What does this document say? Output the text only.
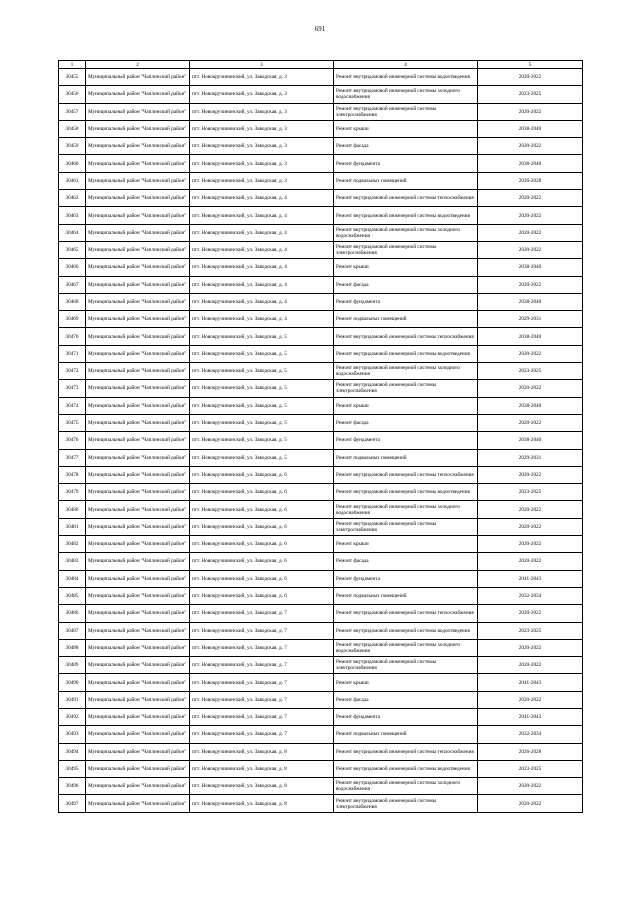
691
1	2	3	4	5
30455	Муниципальный район "Чаплинский район"	пгт. Новокручининский, ул. Заводская, д. 3	Ремонт внутридомовой инженерной системы водоотведения	2020-2022
30456	Муниципальный район "Чаплинский район"	пгт. Новокручининский, ул. Заводская, д. 3	Ремонт внутридомовой инженерной системы холодного водоснабжения	2023-2025
30457	Муниципальный район "Чаплинский район"	пгт. Новокручининский, ул. Заводская, д. 3	Ремонт внутридомовой инженерной системы электроснабжения	2020-2022
30458	Муниципальный район "Чаплинский район"	пгт. Новокручининский, ул. Заводская, д. 3	Ремонт крыши	2038-2040
30459	Муниципальный район "Чаплинский район"	пгт. Новокручининский, ул. Заводская, д. 3	Ремонт фасада	2020-2022
30460	Муниципальный район "Чаплинский район"	пгт. Новокручининский, ул. Заводская, д. 3	Ремонт фундамента	2038-2040
30461	Муниципальный район "Чаплинский район"	пгт. Новокручининский, ул. Заводская, д. 3	Ремонт подвальных помещений	2026-2028
30462	Муниципальный район "Чаплинский район"	пгт. Новокручининский, ул. Заводская, д. 4	Ремонт внутридомовой инженерной системы теплоснабжения	2020-2022
30463	Муниципальный район "Чаплинский район"	пгт. Новокручининский, ул. Заводская, д. 4	Ремонт внутридомовой инженерной системы водоотведения	2020-2022
30464	Муниципальный район "Чаплинский район"	пгт. Новокручининский, ул. Заводская, д. 4	Ремонт внутридомовой инженерной системы холодного водоснабжения	2020-2022
30465	Муниципальный район "Чаплинский район"	пгт. Новокручининский, ул. Заводская, д. 4	Ремонт внутридомовой инженерной системы электроснабжения	2020-2022
30466	Муниципальный район "Чаплинский район"	пгт. Новокручининский, ул. Заводская, д. 4	Ремонт крыши	2038-2040
30467	Муниципальный район "Чаплинский район"	пгт. Новокручининский, ул. Заводская, д. 4	Ремонт фасада	2020-2022
30468	Муниципальный район "Чаплинский район"	пгт. Новокручининский, ул. Заводская, д. 4	Ремонт фундамента	2038-2040
30469	Муниципальный район "Чаплинский район"	пгт. Новокручининский, ул. Заводская, д. 4	Ремонт подвальных помещений	2029-2031
30470	Муниципальный район "Чаплинский район"	пгт. Новокручининский, ул. Заводская, д. 5	Ремонт внутридомовой инженерной системы теплоснабжения	2038-2040
30471	Муниципальный район "Чаплинский район"	пгт. Новокручининский, ул. Заводская, д. 5	Ремонт внутридомовой инженерной системы водоотведения	2020-2022
30472	Муниципальный район "Чаплинский район"	пгт. Новокручининский, ул. Заводская, д. 5	Ремонт внутридомовой инженерной системы холодного водоснабжения	2023-2025
30473	Муниципальный район "Чаплинский район"	пгт. Новокручининский, ул. Заводская, д. 5	Ремонт внутридомовой инженерной системы электроснабжения	2020-2022
30474	Муниципальный район "Чаплинский район"	пгт. Новокручининский, ул. Заводская, д. 5	Ремонт крыши	2038-2040
30475	Муниципальный район "Чаплинский район"	пгт. Новокручининский, ул. Заводская, д. 5	Ремонт фасада	2020-2022
30476	Муниципальный район "Чаплинский район"	пгт. Новокручининский, ул. Заводская, д. 5	Ремонт фундамента	2038-2040
30477	Муниципальный район "Чаплинский район"	пгт. Новокручининский, ул. Заводская, д. 5	Ремонт подвальных помещений	2029-2031
30478	Муниципальный район "Чаплинский район"	пгт. Новокручининский, ул. Заводская, д. 6	Ремонт внутридомовой инженерной системы теплоснабжения	2020-2022
30479	Муниципальный район "Чаплинский район"	пгт. Новокручининский, ул. Заводская, д. 6	Ремонт внутридомовой инженерной системы водоотведения	2023-2025
30480	Муниципальный район "Чаплинский район"	пгт. Новокручининский, ул. Заводская, д. 6	Ремонт внутридомовой инженерной системы холодного водоснабжения	2020-2022
30481	Муниципальный район "Чаплинский район"	пгт. Новокручининский, ул. Заводская, д. 6	Ремонт внутридомовой инженерной системы электроснабжения	2020-2022
30482	Муниципальный район "Чаплинский район"	пгт. Новокручининский, ул. Заводская, д. 6	Ремонт крыши	2020-2022
30483	Муниципальный район "Чаплинский район"	пгт. Новокручининский, ул. Заводская, д. 6	Ремонт фасада	2020-2022
30484	Муниципальный район "Чаплинский район"	пгт. Новокручининский, ул. Заводская, д. 6	Ремонт фундамента	2041-2043
30485	Муниципальный район "Чаплинский район"	пгт. Новокручининский, ул. Заводская, д. 6	Ремонт подвальных помещений	2032-2034
30486	Муниципальный район "Чаплинский район"	пгт. Новокручининский, ул. Заводская, д. 7	Ремонт внутридомовой инженерной системы теплоснабжения	2020-2022
30487	Муниципальный район "Чаплинский район"	пгт. Новокручининский, ул. Заводская, д. 7	Ремонт внутридомовой инженерной системы водоотведения	2023-2025
30488	Муниципальный район "Чаплинский район"	пгт. Новокручининский, ул. Заводская, д. 7	Ремонт внутридомовой инженерной системы холодного водоснабжения	2020-2022
30489	Муниципальный район "Чаплинский район"	пгт. Новокручининский, ул. Заводская, д. 7	Ремонт внутридомовой инженерной системы электроснабжения	2020-2022
30490	Муниципальный район "Чаплинский район"	пгт. Новокручининский, ул. Заводская, д. 7	Ремонт крыши	2041-2043
30491	Муниципальный район "Чаплинский район"	пгт. Новокручининский, ул. Заводская, д. 7	Ремонт фасада	2020-2022
30492	Муниципальный район "Чаплинский район"	пгт. Новокручининский, ул. Заводская, д. 7	Ремонт фундамента	2041-2043
30493	Муниципальный район "Чаплинский район"	пгт. Новокручининский, ул. Заводская, д. 7	Ремонт подвальных помещений	2032-2034
30494	Муниципальный район "Чаплинский район"	пгт. Новокручининский, ул. Заводская, д. 8	Ремонт внутридомовой инженерной системы теплоснабжения	2026-2028
30495	Муниципальный район "Чаплинский район"	пгт. Новокручининский, ул. Заводская, д. 8	Ремонт внутридомовой инженерной системы водоотведения	2023-2025
30496	Муниципальный район "Чаплинский район"	пгт. Новокручининский, ул. Заводская, д. 8	Ремонт внутридомовой инженерной системы холодного водоснабжения	2020-2022
30497	Муниципальный район "Чаплинский район"	пгт. Новокручининский, ул. Заводская, д. 8	Ремонт внутридомовой инженерной системы электроснабжения	2020-2022
